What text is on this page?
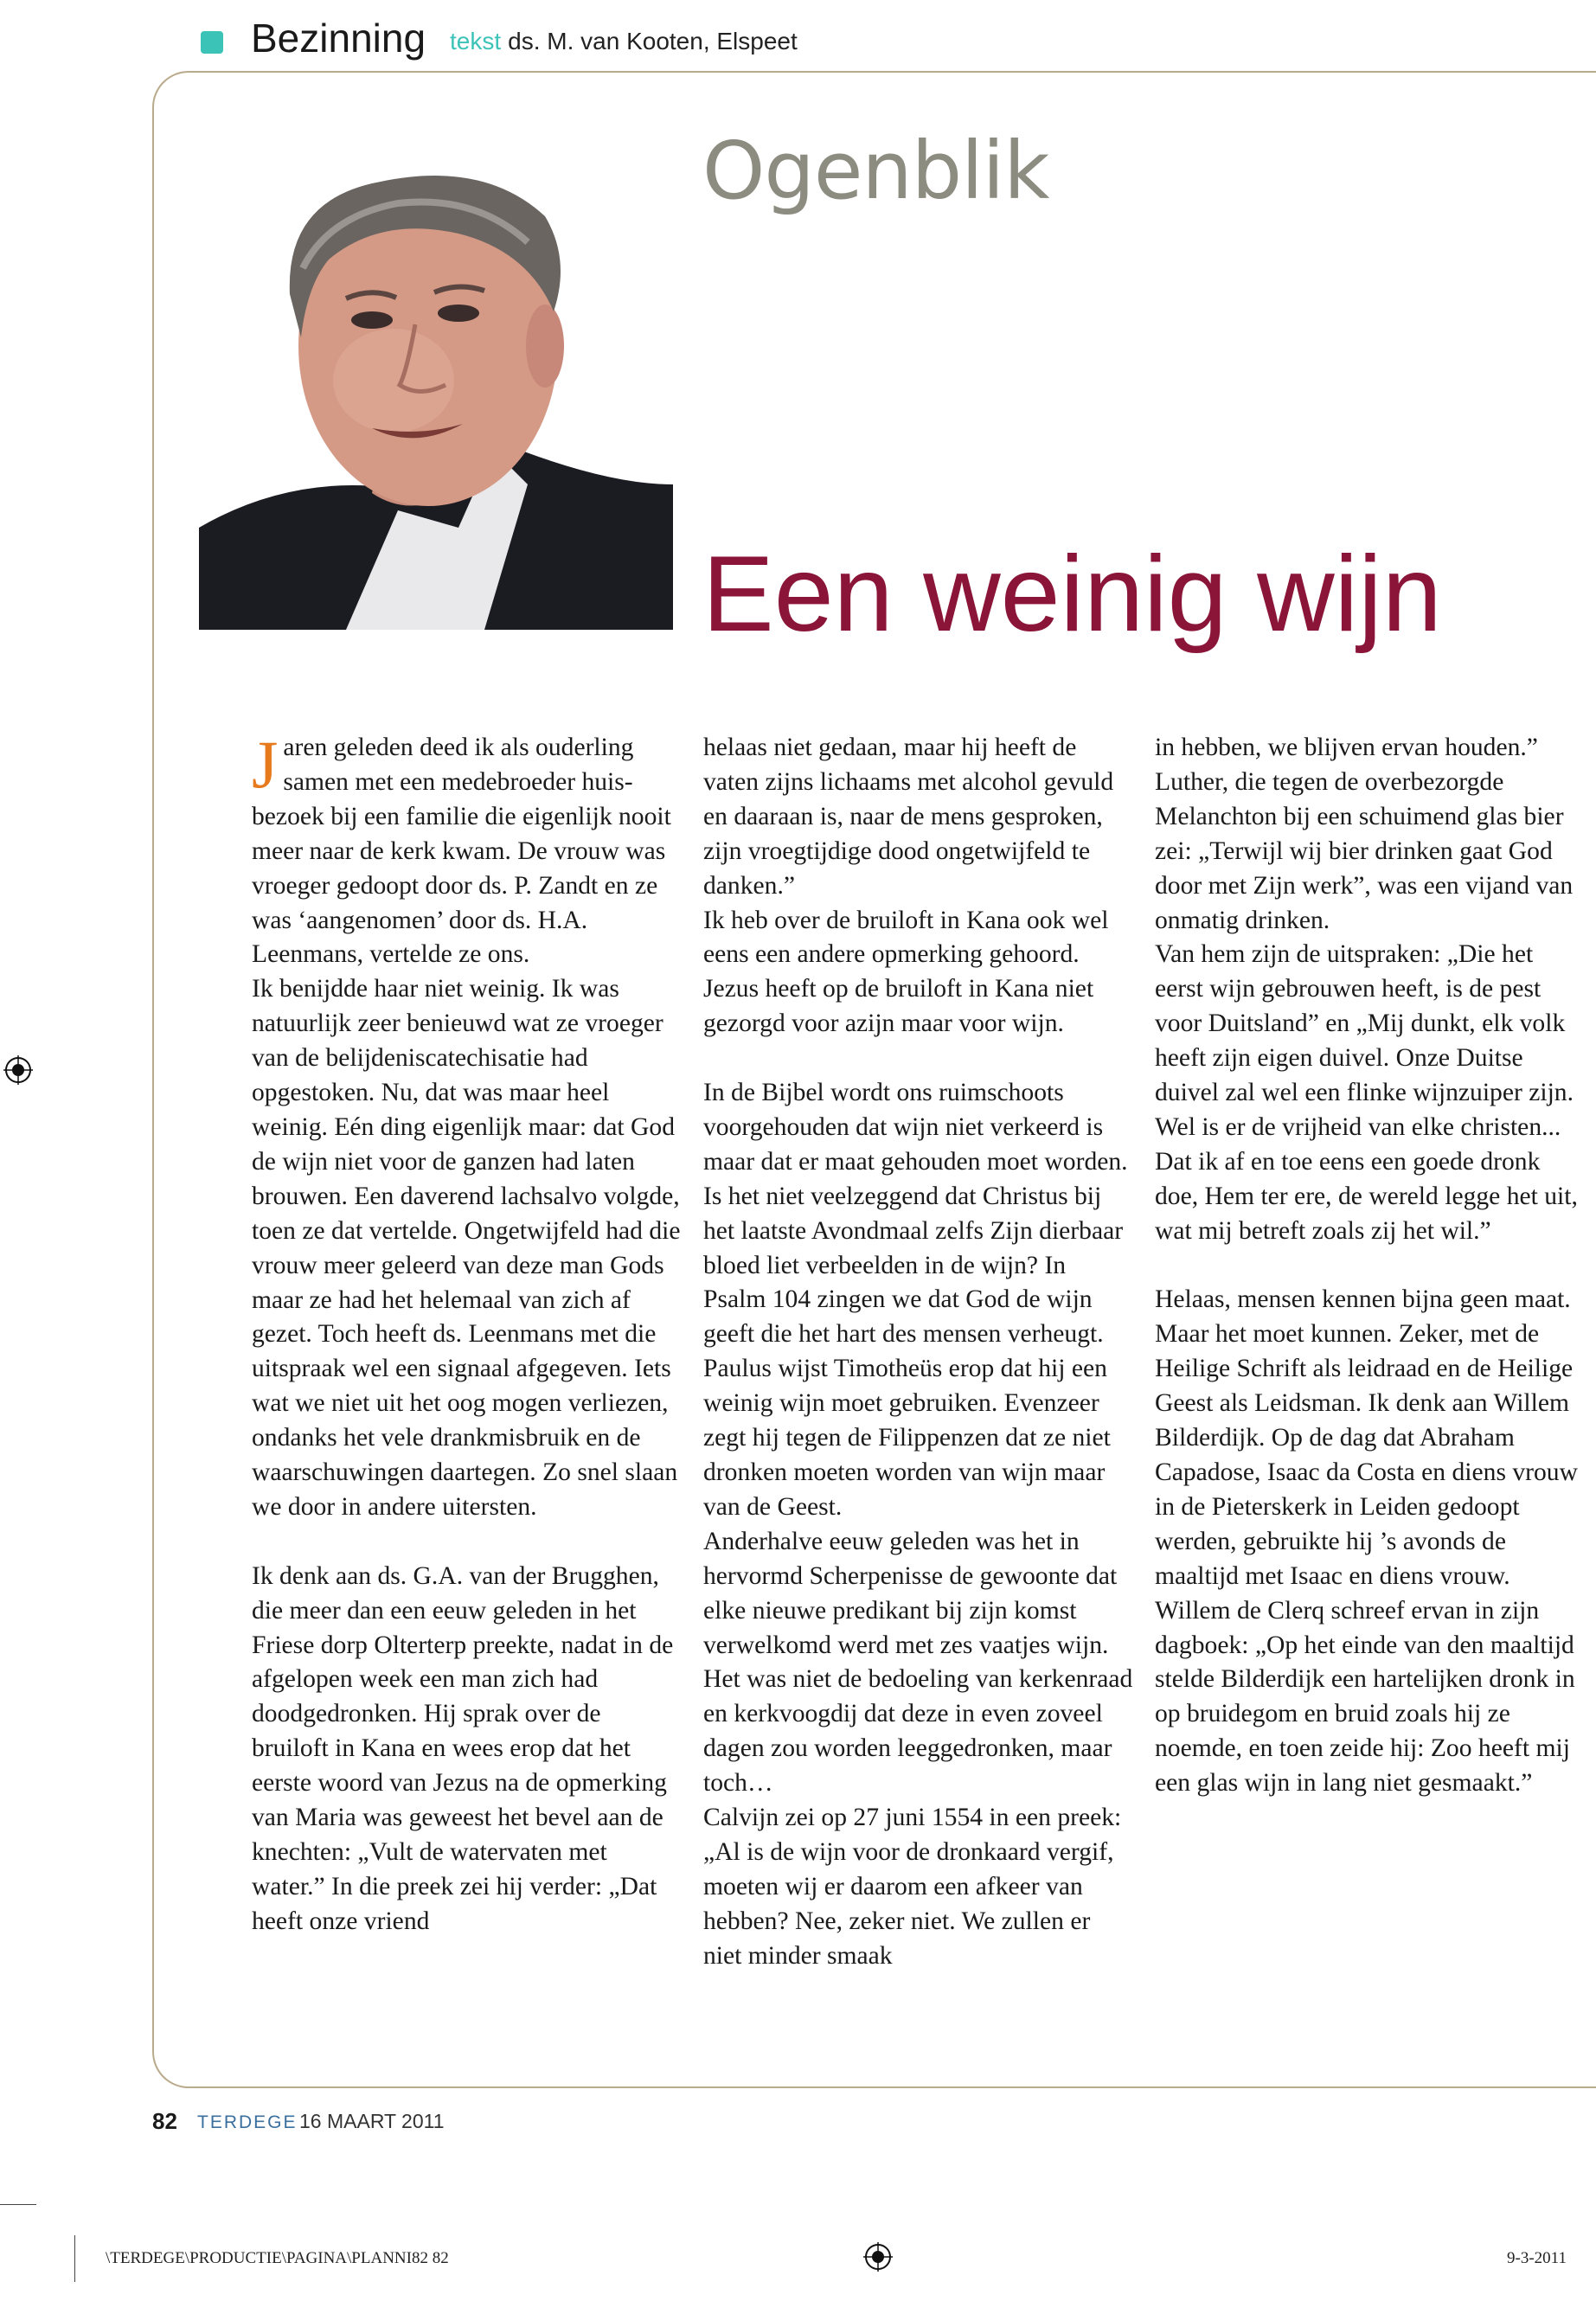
Bezinning tekst ds. M. van Kooten, Elspeet
Ogenblik
Een weinig wijn

Jaren geleden deed ik als ouderling samen met een medebroeder huisbezoek bij een familie die eigenlijk nooit meer naar de kerk kwam. De vrouw was vroeger gedoopt door ds. P. Zandt en ze was ‘aangenomen’ door ds. H.A. Leenmans, vertelde ze ons.

Ik benijdde haar niet weinig. Ik was natuurlijk zeer benieuwd wat ze vroeger van de belijdeniscatechisatie had opgestoken. Nu, dat was maar heel weinig. Eén ding eigenlijk maar: dat God de wijn niet voor de ganzen had laten brouwen. Een daverend lachsalvo volgde, toen ze dat vertelde. Ongetwijfeld had die vrouw meer geleerd van deze man Gods maar ze had het helemaal van zich af gezet. Toch heeft ds. Leenmans met die uitspraak wel een signaal afgegeven. Iets wat we niet uit het oog mogen verliezen, ondanks het vele drankmisbruik en de waarschuwingen daartegen. Zo snel slaan we door in andere uitersten.

Ik denk aan ds. G.A. van der Brugghen, die meer dan een eeuw geleden in het Friese dorp Olterterp preekte, nadat in de afgelopen week een man zich had doodgedronken. Hij sprak over de bruiloft in Kana en wees erop dat het eerste woord van Jezus na de opmerking van Maria was geweest het bevel aan de knechten: „Vult de watervaten met water.” In die preek zei hij verder: „Dat heeft onze vriend

helaas niet gedaan, maar hij heeft de vaten zijns lichaams met alcohol gevuld en daaraan is, naar de mens gesproken, zijn vroegtijdige dood ongetwijfeld te danken.”

Ik heb over de bruiloft in Kana ook wel eens een andere opmerking gehoord. Jezus heeft op de bruiloft in Kana niet gezorgd voor azijn maar voor wijn.

In de Bijbel wordt ons ruimschoots voorgehouden dat wijn niet verkeerd is maar dat er maat gehouden moet worden. Is het niet veelzeggend dat Christus bij het laatste Avondmaal zelfs Zijn dierbaar bloed liet verbeelden in de wijn? In Psalm 104 zingen we dat God de wijn geeft die het hart des mensen verheugt. Paulus wijst Timotheüs erop dat hij een weinig wijn moet gebruiken. Evenzeer zegt hij tegen de Filippenzen dat ze niet dronken moeten worden van wijn maar van de Geest.

Anderhalve eeuw geleden was het in hervormd Scherpenisse de gewoonte dat elke nieuwe predikant bij zijn komst verwelkomd werd met zes vaatjes wijn. Het was niet de bedoeling van kerkenraad en kerkvoogdij dat deze in even zoveel dagen zou worden leeggedronken, maar toch…

Calvijn zei op 27 juni 1554 in een preek: „Al is de wijn voor de dronkaard vergif, moeten wij er daarom een afkeer van hebben? Nee, zeker niet. We zullen er niet minder smaak

in hebben, we blijven ervan houden.” Luther, die tegen de overbezorgde Melanchton bij een schuimend glas bier zei: „Terwijl wij bier drinken gaat God door met Zijn werk”, was een vijand van onmatig drinken.

Van hem zijn de uitspraken: „Die het eerst wijn gebrouwen heeft, is de pest voor Duitsland” en „Mij dunkt, elk volk heeft zijn eigen duivel. Onze Duitse duivel zal wel een flinke wijnzuiper zijn. Wel is er de vrijheid van elke christen... Dat ik af en toe eens een goede dronk doe, Hem ter ere, de wereld legge het uit, wat mij betreft zoals zij het wil.”

Helaas, mensen kennen bijna geen maat. Maar het moet kunnen. Zeker, met de Heilige Schrift als leidraad en de Heilige Geest als Leidsman. Ik denk aan Willem Bilderdijk. Op de dag dat Abraham Capadose, Isaac da Costa en diens vrouw in de Pieterskerk in Leiden gedoopt werden, gebruikte hij ’s avonds de maaltijd met Isaac en diens vrouw.

Willem de Clerq schreef ervan in zijn dagboek: „Op het einde van den maaltijd stelde Bilderdijk een hartelijken dronk in op bruidegom en bruid zoals hij ze noemde, en toen zeide hij: Zoo heeft mij een glas wijn in lang niet gesmaakt.”

82 TERDEGE 16 MAART 2011
\TERDEGE\PRODUCTIE\PAGINA\PLANNI82 82	9-3-2011
